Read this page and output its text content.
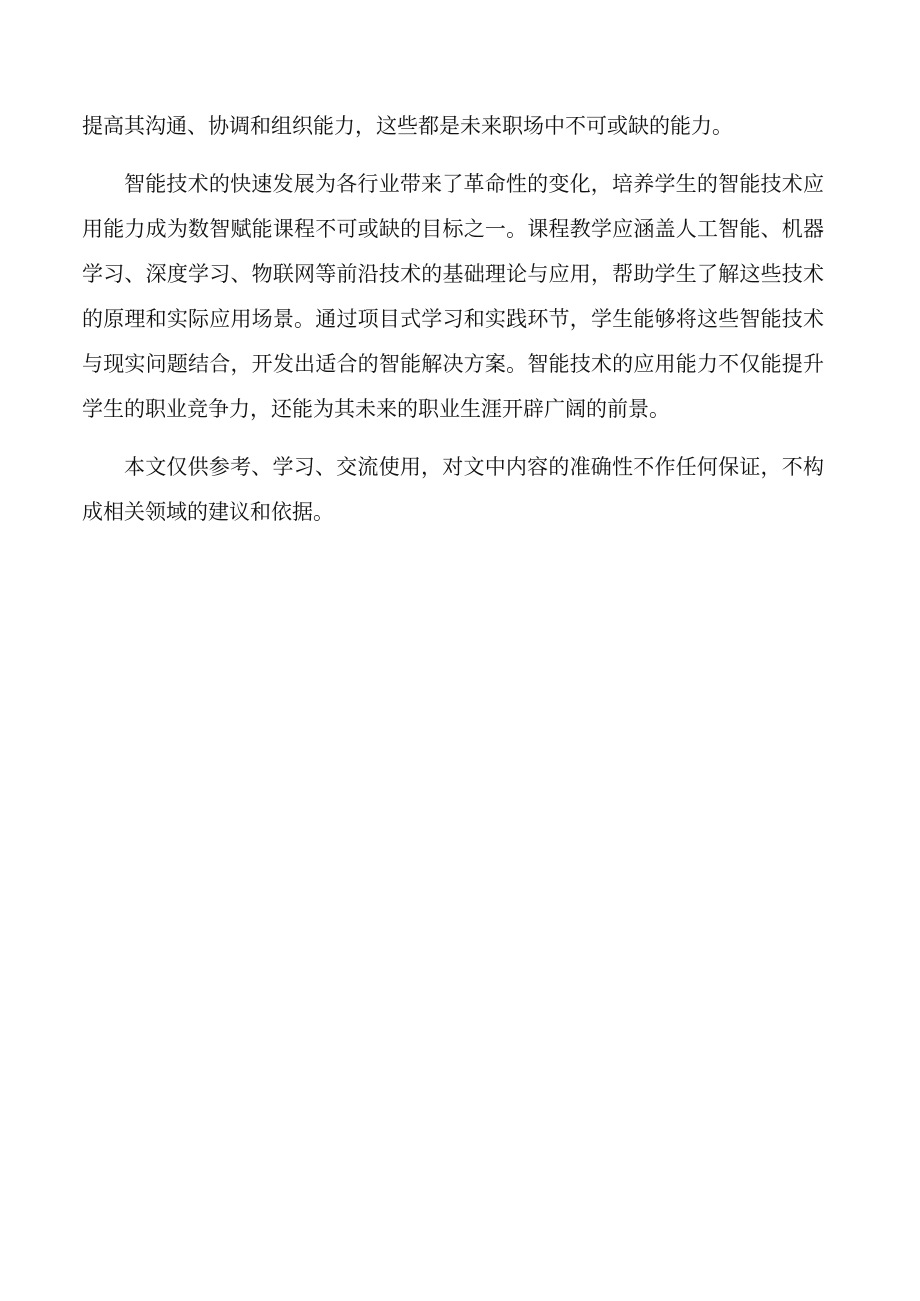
提高其沟通、协调和组织能力，这些都是未来职场中不可或缺的能力。

智能技术的快速发展为各行业带来了革命性的变化，培养学生的智能技术应用能力成为数智赋能课程不可或缺的目标之一。课程教学应涵盖人工智能、机器学习、深度学习、物联网等前沿技术的基础理论与应用，帮助学生了解这些技术的原理和实际应用场景。通过项目式学习和实践环节，学生能够将这些智能技术与现实问题结合，开发出适合的智能解决方案。智能技术的应用能力不仅能提升学生的职业竞争力，还能为其未来的职业生涯开辟广阔的前景。

本文仅供参考、学习、交流使用，对文中内容的准确性不作任何保证，不构成相关领域的建议和依据。
